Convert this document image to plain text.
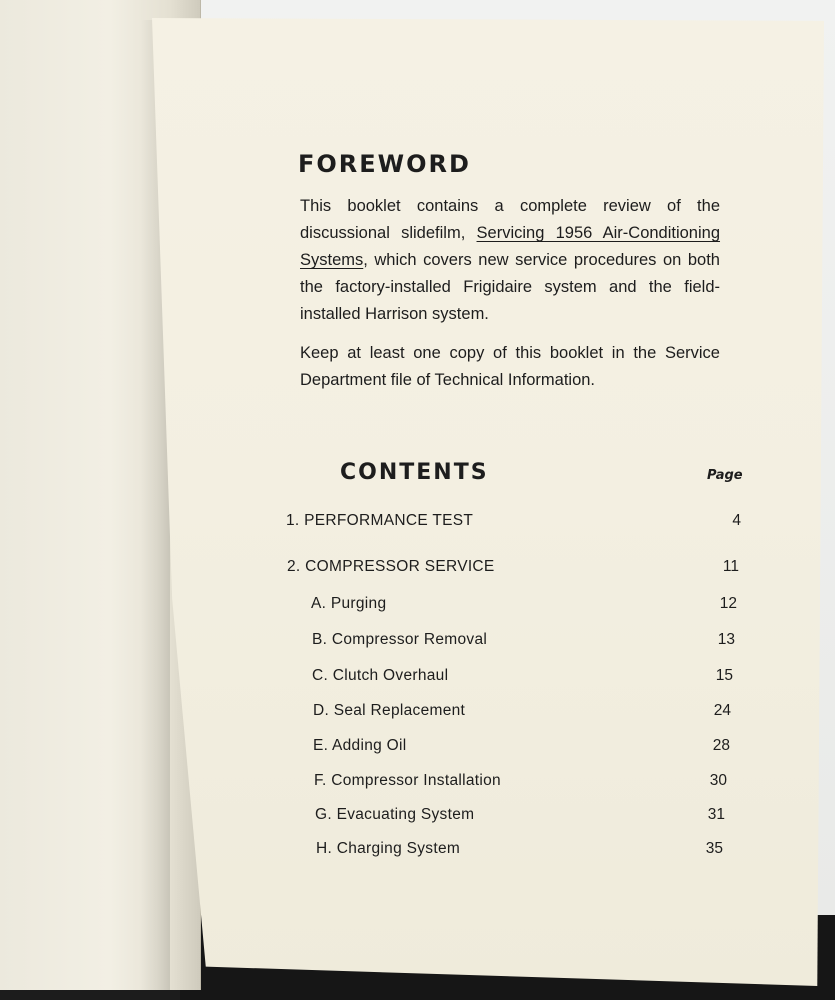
FOREWORD

This booklet contains a complete review of the discussional slidefilm, Servicing 1956 Air-Conditioning Systems, which covers new service procedures on both the factory-installed Frigidaire system and the field-installed Harrison system.

Keep at least one copy of this booklet in the Service Department file of Technical Information.

CONTENTS	Page
1. PERFORMANCE TEST	4
2. COMPRESSOR SERVICE	11
A. Purging	12
B. Compressor Removal	13
C. Clutch Overhaul	15
D. Seal Replacement	24
E. Adding Oil	28
F. Compressor Installation	30
G. Evacuating System	31
H. Charging System	35
